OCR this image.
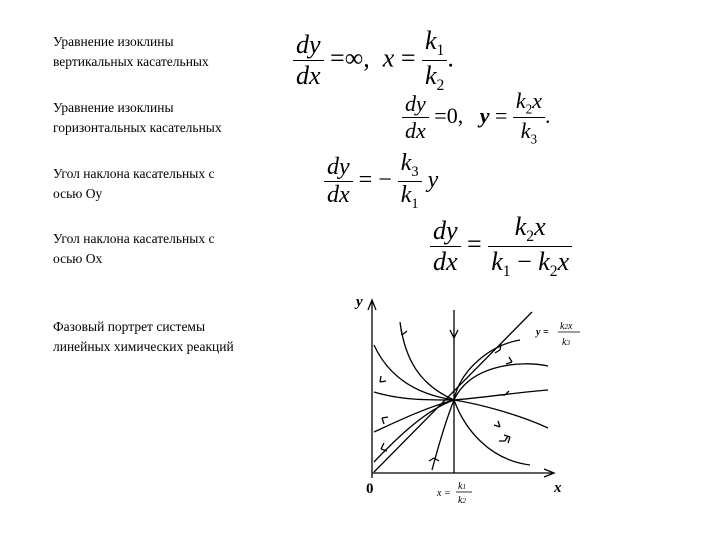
Уравнение изоклины
вертикальных касательных
Уравнение изоклины
горизонтальных касательных
Угол наклона касательных с
осью Oy
Угол наклона касательных с
осью Ox
Фазовый портрет системы
линейных химических реакций
$\frac{dy}{dx}$ =∞,  $x = \frac{k_1}{k_2}$ .
$\frac{dy}{dx} =0$,   $y = \frac{k_2x}{k_3}$ .
$\frac{dy}{dx}$ = − $\frac{k_3}{k_1}$ y
$\frac{dy}{dx} = \frac{k_2x}{k_1 - k_2x}$
y
x
0	x =
k1
k2
y =
k2x
k3
